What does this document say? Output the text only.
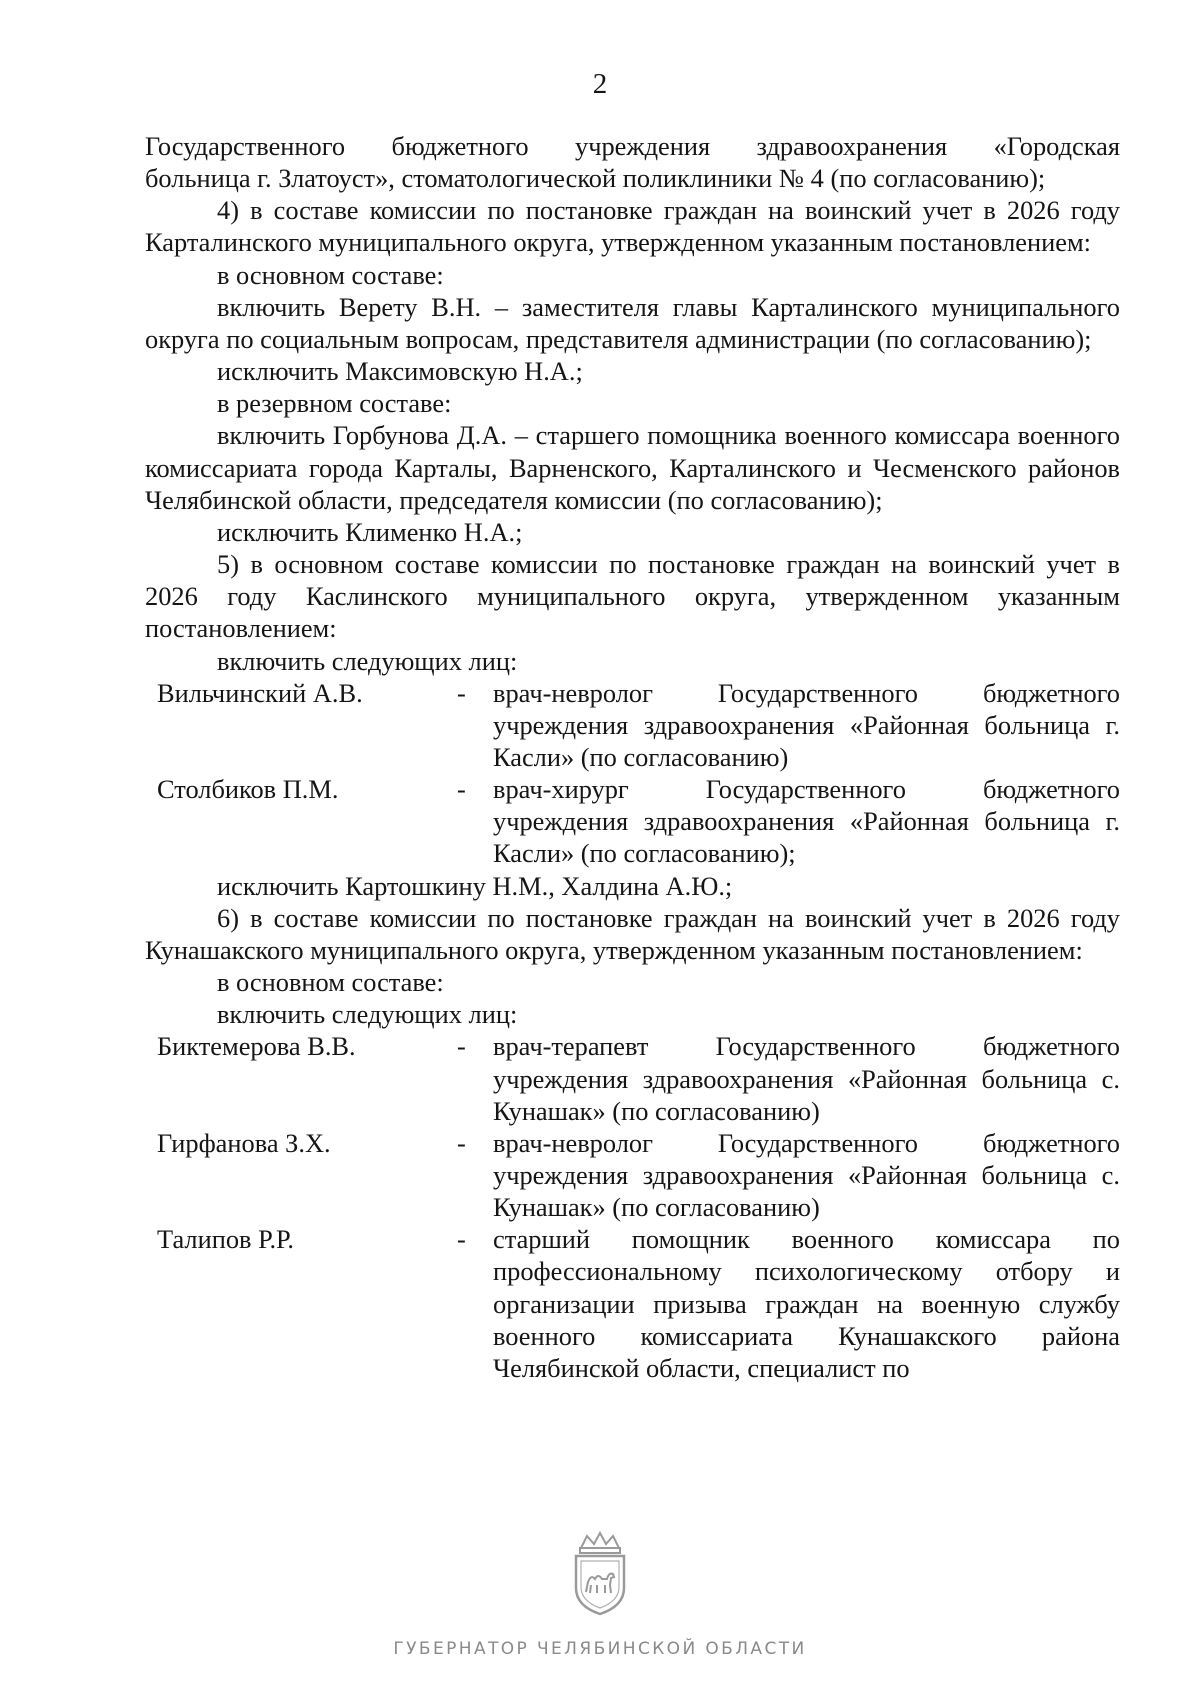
2

Государственного бюджетного учреждения здравоохранения «Городская

больница г. Златоуст», стоматологической поликлиники № 4 (по согласованию);

4) в составе комиссии по постановке граждан на воинский учет в 2026 году Карталинского муниципального округа, утвержденном указанным постановлением:

в основном составе:

включить Верету В.Н. – заместителя главы Карталинского муниципального округа по социальным вопросам, представителя администрации (по согласованию);

исключить Максимовскую Н.А.;

в резервном составе:

включить Горбунова Д.А. – старшего помощника военного комиссара военного комиссариата города Карталы, Варненского, Карталинского и Чесменского районов Челябинской области, председателя комиссии (по согласованию);

исключить Клименко Н.А.;

5) в основном составе комиссии по постановке граждан на воинский учет в 2026 году Каслинского муниципального округа, утвержденном указанным постановлением:

включить следующих лиц:

Вильчинский А.В.	-	врач-невролог Государственного бюджетного учреждения здравоохранения «Районная больница г. Касли» (по согласованию)
Столбиков П.М.	-	врач-хирург Государственного бюджетного учреждения здравоохранения «Районная больница г. Касли» (по согласованию);

исключить Картошкину Н.М., Халдина А.Ю.;

6) в составе комиссии по постановке граждан на воинский учет в 2026 году Кунашакского муниципального округа, утвержденном указанным постановлением:

в основном составе:

включить следующих лиц:

Биктемерова В.В.	-	врач-терапевт Государственного бюджетного учреждения здравоохранения «Районная больница с. Кунашак» (по согласованию)
Гирфанова З.Х.	-	врач-невролог Государственного бюджетного учреждения здравоохранения «Районная больница с. Кунашак» (по согласованию)
Талипов Р.Р.	-	старший помощник военного комиссара по профессиональному психологическому отбору и организации призыва граждан на военную службу военного комиссариата Кунашакского района Челябинской области, специалист по
ГУБЕРНАТОР ЧЕЛЯБИНСКОЙ ОБЛАСТИ
